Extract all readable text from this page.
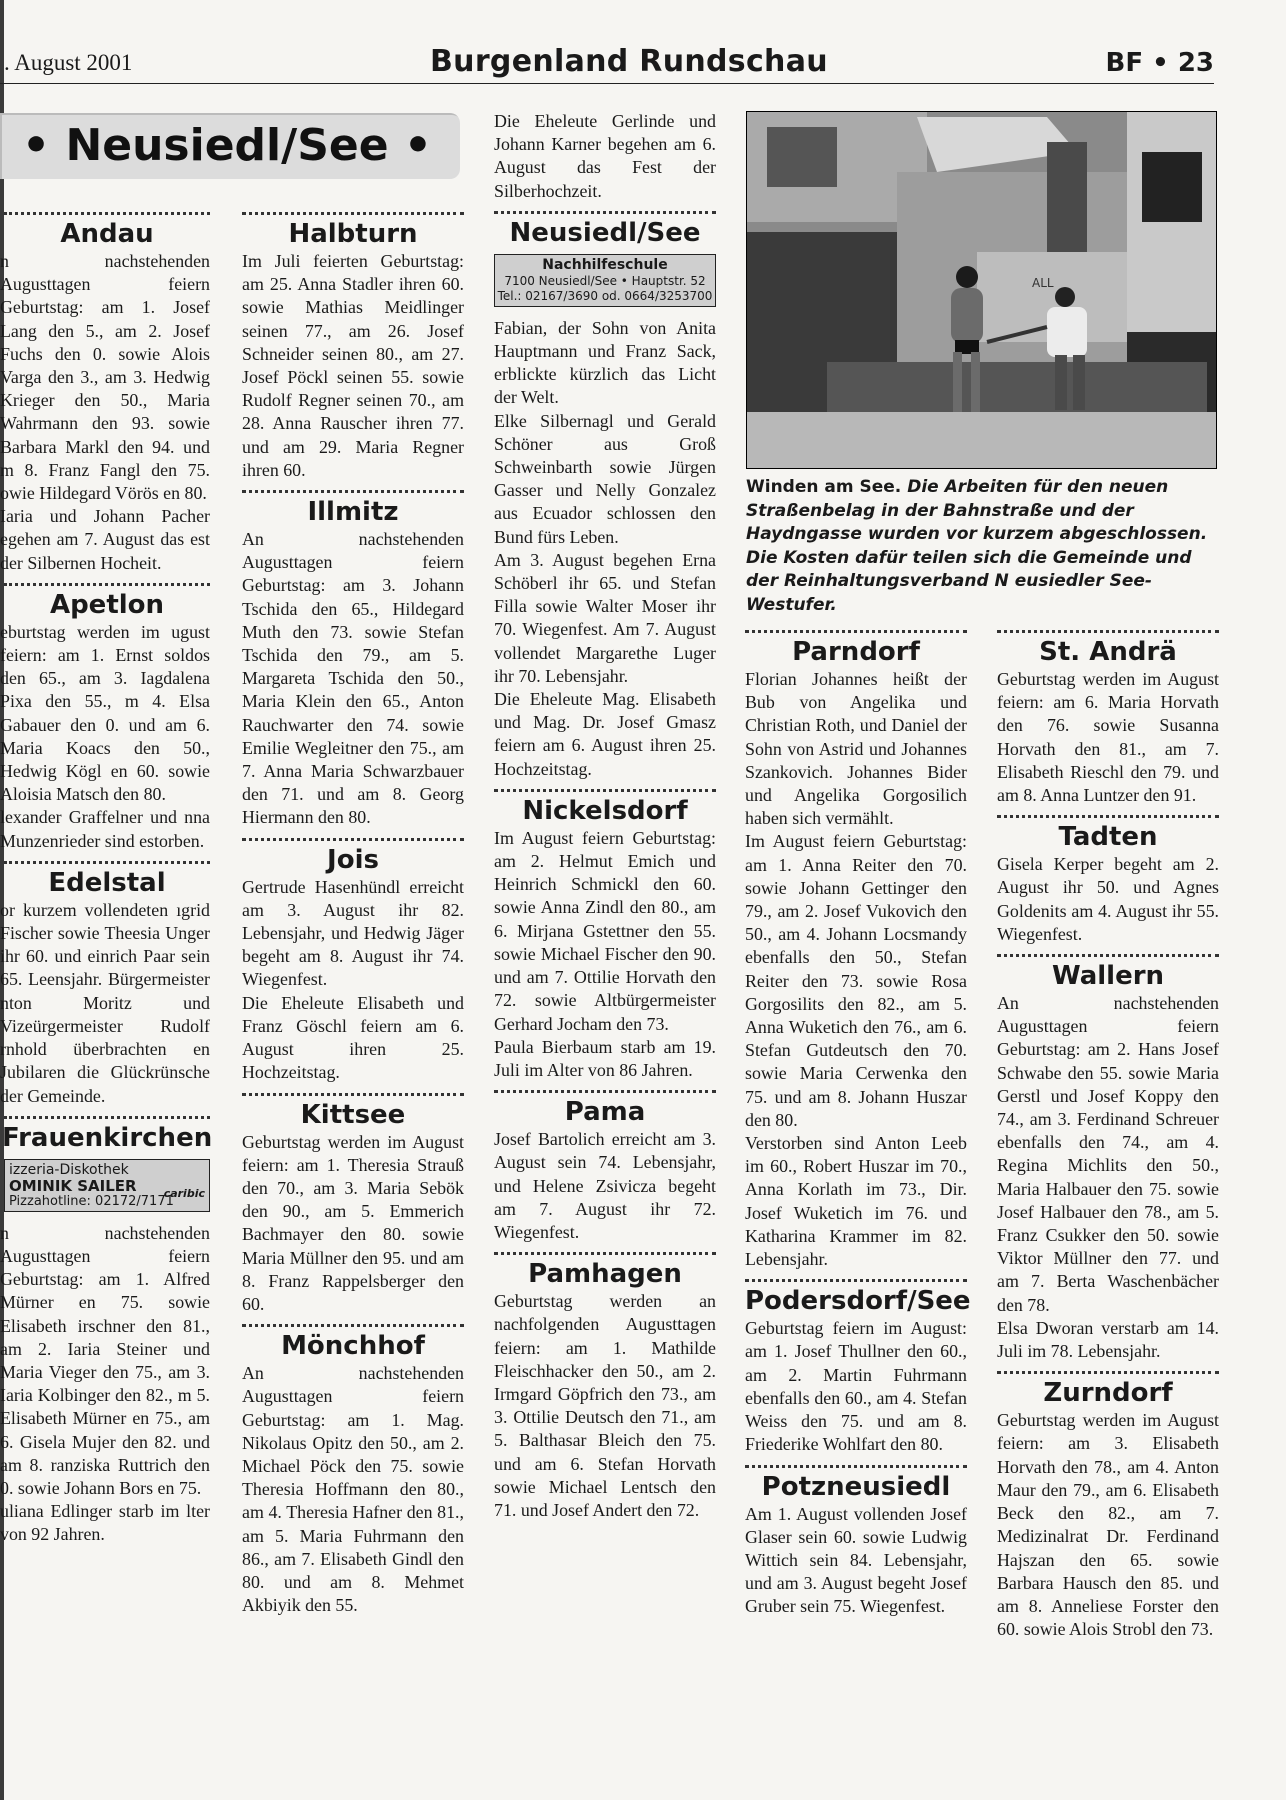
. August 2001	Burgenland Rundschau	BF • 23
• Neusiedl/See •
Andau

n nachstehenden Augusttagen feiern Geburtstag: am 1. Josef Lang den 5., am 2. Josef Fuchs den 0. sowie Alois Varga den 3., am 3. Hedwig Krieger den 50., Maria Wahrmann den 93. sowie Barbara Markl den 94. und m 8. Franz Fangl den 75. owie Hildegard Vörös en 80.

Iaria und Johann Pacher egehen am 7. August das est der Silbernen Hocheit.

Apetlon

eburtstag werden im ugust feiern: am 1. Ernst soldos den 65., am 3. Iagdalena Pixa den 55., m 4. Elsa Gabauer den 0. und am 6. Maria Koacs den 50., Hedwig Kögl en 60. sowie Aloisia Matsch den 80.

lexander Graffelner und nna Munzenrieder sind estorben.

Edelstal

or kurzem vollendeten ıgrid Fischer sowie Theesia Unger ihr 60. und einrich Paar sein 65. Leensjahr. Bürgermeister nton Moritz und Vizeürgermeister Rudolf rnhold überbrachten en Jubilaren die Glückrünsche der Gemeinde.

Frauenkirchen
izzeria-Diskothek
OMINIK SAILER
Pizzahotline: 02172/7171
caribic

n nachstehenden Augusttagen feiern Geburtstag: am 1. Alfred Mürner en 75. sowie Elisabeth irschner den 81., am 2. Iaria Steiner und Maria Vieger den 75., am 3. Iaria Kolbinger den 82., m 5. Elisabeth Mürner en 75., am 6. Gisela Mujer den 82. und am 8. ranziska Ruttrich den 0. sowie Johann Bors en 75.

uliana Edlinger starb im lter von 92 Jahren.

Halbturn

Im Juli feierten Geburtstag: am 25. Anna Stadler ihren 60. sowie Mathias Meidlinger seinen 77., am 26. Josef Schneider seinen 80., am 27. Josef Pöckl seinen 55. sowie Rudolf Regner seinen 70., am 28. Anna Rauscher ihren 77. und am 29. Maria Regner ihren 60.

Illmitz

An nachstehenden Augusttagen feiern Geburtstag: am 3. Johann Tschida den 65., Hildegard Muth den 73. sowie Stefan Tschida den 79., am 5. Margareta Tschida den 50., Maria Klein den 65., Anton Rauchwarter den 74. sowie Emilie Wegleitner den 75., am 7. Anna Maria Schwarzbauer den 71. und am 8. Georg Hiermann den 80.

Jois

Gertrude Hasenhündl erreicht am 3. August ihr 82. Lebensjahr, und Hedwig Jäger begeht am 8. August ihr 74. Wiegenfest.

Die Eheleute Elisabeth und Franz Göschl feiern am 6. August ihren 25. Hochzeitstag.

Kittsee

Geburtstag werden im August feiern: am 1. Theresia Strauß den 70., am 3. Maria Sebök den 90., am 5. Emmerich Bachmayer den 80. sowie Maria Müllner den 95. und am 8. Franz Rappelsberger den 60.

Mönchhof

An nachstehenden Augusttagen feiern Geburtstag: am 1. Mag. Nikolaus Opitz den 50., am 2. Michael Pöck den 75. sowie Theresia Hoffmann den 80., am 4. Theresia Hafner den 81., am 5. Maria Fuhrmann den 86., am 7. Elisabeth Gindl den 80. und am 8. Mehmet Akbiyik den 55.

Die Eheleute Gerlinde und Johann Karner begehen am 6. August das Fest der Silberhochzeit.

Neusiedl/See
Nachhilfeschule
7100 Neusiedl/See • Hauptstr. 52
Tel.: 02167/3690 od. 0664/3253700

Fabian, der Sohn von Anita Hauptmann und Franz Sack, erblickte kürzlich das Licht der Welt.

Elke Silbernagl und Gerald Schöner aus Groß Schweinbarth sowie Jürgen Gasser und Nelly Gonzalez aus Ecuador schlossen den Bund fürs Leben.

Am 3. August begehen Erna Schöberl ihr 65. und Stefan Filla sowie Walter Moser ihr 70. Wiegenfest. Am 7. August vollendet Margarethe Luger ihr 70. Lebensjahr.

Die Eheleute Mag. Elisabeth und Mag. Dr. Josef Gmasz feiern am 6. August ihren 25. Hochzeitstag.

Nickelsdorf

Im August feiern Geburtstag: am 2. Helmut Emich und Heinrich Schmickl den 60. sowie Anna Zindl den 80., am 6. Mirjana Gstettner den 55. sowie Michael Fischer den 90. und am 7. Ottilie Horvath den 72. sowie Altbürgermeister Gerhard Jocham den 73.

Paula Bierbaum starb am 19. Juli im Alter von 86 Jahren.

Pama

Josef Bartolich erreicht am 3. August sein 74. Lebensjahr, und Helene Zsivicza begeht am 7. August ihr 72. Wiegenfest.

Pamhagen

Geburtstag werden an nachfolgenden Augusttagen feiern: am 1. Mathilde Fleischhacker den 50., am 2. Irmgard Göpfrich den 73., am 3. Ottilie Deutsch den 71., am 5. Balthasar Bleich den 75. und am 6. Stefan Horvath sowie Michael Lentsch den 71. und Josef Andert den 72.

ALL
Winden am See. Die Arbeiten für den neuen Straßenbelag in der Bahnstraße und der Haydngasse wurden vor kurzem abgeschlossen. Die Kosten dafür teilen sich die Gemeinde und der Reinhaltungsverband N eusiedler See-Westufer.
Parndorf

Florian Johannes heißt der Bub von Angelika und Christian Roth, und Daniel der Sohn von Astrid und Johannes Szankovich. Johannes Bider und Angelika Gorgosilich haben sich vermählt.

Im August feiern Geburtstag: am 1. Anna Reiter den 70. sowie Johann Gettinger den 79., am 2. Josef Vukovich den 50., am 4. Johann Locsmandy ebenfalls den 50., Stefan Reiter den 73. sowie Rosa Gorgosilits den 82., am 5. Anna Wuketich den 76., am 6. Stefan Gutdeutsch den 70. sowie Maria Cerwenka den 75. und am 8. Johann Huszar den 80.

Verstorben sind Anton Leeb im 60., Robert Huszar im 70., Anna Korlath im 73., Dir. Josef Wuketich im 76. und Katharina Krammer im 82. Lebensjahr.

Podersdorf/See

Geburtstag feiern im August: am 1. Josef Thullner den 60., am 2. Martin Fuhrmann ebenfalls den 60., am 4. Stefan Weiss den 75. und am 8. Friederike Wohlfart den 80.

Potzneusiedl

Am 1. August vollenden Josef Glaser sein 60. sowie Ludwig Wittich sein 84. Lebensjahr, und am 3. August begeht Josef Gruber sein 75. Wiegenfest.

St. Andrä

Geburtstag werden im August feiern: am 6. Maria Horvath den 76. sowie Susanna Horvath den 81., am 7. Elisabeth Rieschl den 79. und am 8. Anna Luntzer den 91.

Tadten

Gisela Kerper begeht am 2. August ihr 50. und Agnes Goldenits am 4. August ihr 55. Wiegenfest.

Wallern

An nachstehenden Augusttagen feiern Geburtstag: am 2. Hans Josef Schwabe den 55. sowie Maria Gerstl und Josef Koppy den 74., am 3. Ferdinand Schreuer ebenfalls den 74., am 4. Regina Michlits den 50., Maria Halbauer den 75. sowie Josef Halbauer den 78., am 5. Franz Csukker den 50. sowie Viktor Müllner den 77. und am 7. Berta Waschenbächer den 78.

Elsa Dworan verstarb am 14. Juli im 78. Lebensjahr.

Zurndorf

Geburtstag werden im August feiern: am 3. Elisabeth Horvath den 78., am 4. Anton Maur den 79., am 6. Elisabeth Beck den 82., am 7. Medizinalrat Dr. Ferdinand Hajszan den 65. sowie Barbara Hausch den 85. und am 8. Anneliese Forster den 60. sowie Alois Strobl den 73.
